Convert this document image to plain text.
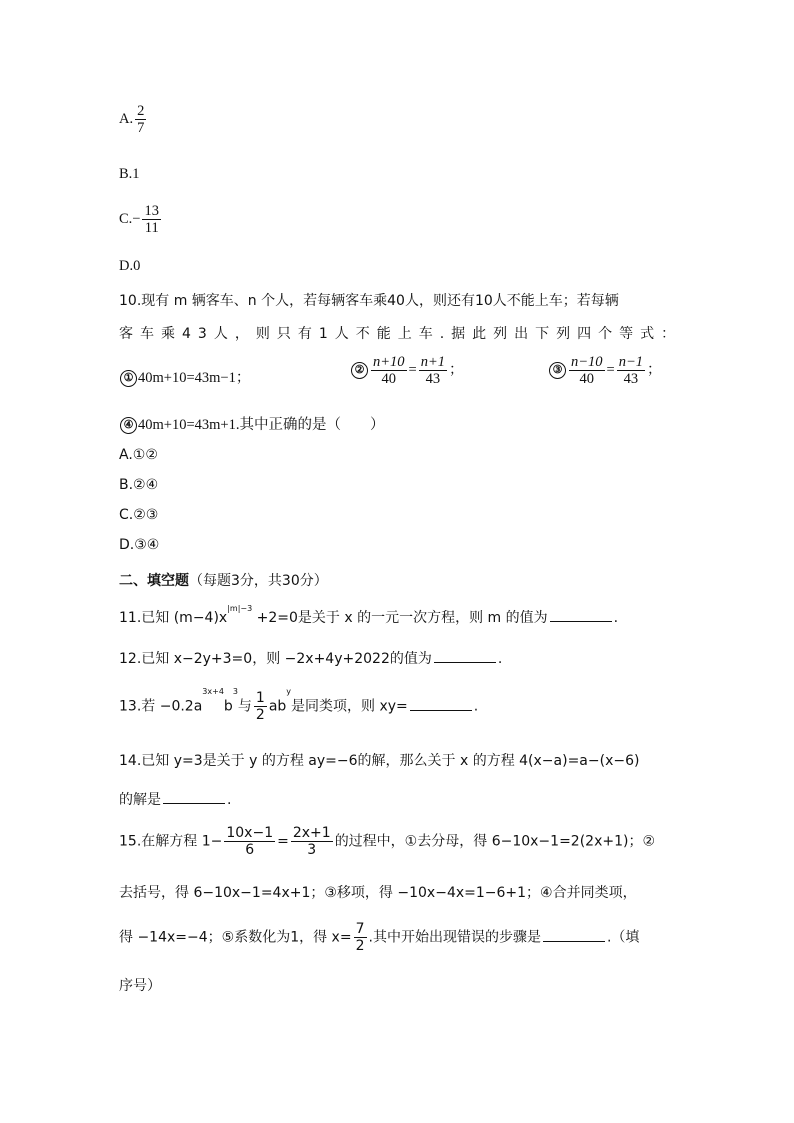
A. $\frac{2}{7}$
B.1
$C.- \frac{13}{11}$
D.0
10.现有 m 辆客车、n 个人，若每辆客车乘40人，则还有10人不能上车；若每辆
客车乘43人，则只有1人不能上车.据此列出下列四个等式：
① 40m+10=43m−1；	② $\frac{n+10}{40} = \frac{n+1}{43}$ ；	③ $\frac{n-10}{40} = \frac{n-1}{43}$ ；
④ 40m+10=43m+1.其中正确的是（　　）
A.①②
B.②④
C.②③
D.③④
二、填空题（每题3分，共30分）
11.已知 $(m-4)x^{|m|-3} +2=0$是关于 x 的一元一次方程，则 m 的值为	.
12.已知 x−2y+3=0，则 −2x+4y+2022的值为	.
13.若 $-0.2a^{3x+4}b^3$与 $\frac{1}{2} ab^y$是同类项，则 xy=	.
14.已知 y=3是关于 y 的方程 ay=−6的解，那么关于 x 的方程 4(x−a)=a−(x−6)
的解是	.
15.在解方程 $1- \frac{10x-1}{6} = \frac{2x+1}{3}$ 的过程中，①去分母，得 6−10x−1=2(2x+1)；②
去括号，得 6−10x−1=4x+1；③移项，得 −10x−4x=1−6+1；④合并同类项，
得 −14x=−4；⑤系数化为1，得 $x= \frac{7}{2}$ .其中开始出现错误的步骤是	.（填
序号）
